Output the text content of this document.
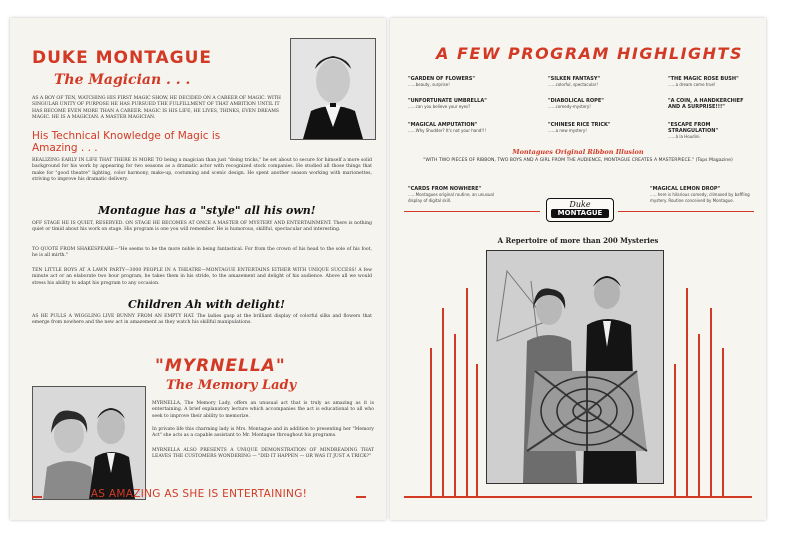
DUKE MONTAGUE
The Magician . . .
AS A BOY OF TEN, WATCHING HIS FIRST MAGIC SHOW, HE DECIDED ON A CAREER OF MAGIC. WITH SINGULAR UNITY OF PURPOSE HE HAS PURSUED THE FULFILLMENT OF THAT AMBITION UNTIL IT HAS BECOME EVEN MORE THAN A CAREER. MAGIC IS HIS LIFE, HE LIVES, THINKS, EVEN DREAMS MAGIC. HE IS A MAGICIAN. A MASTER MAGICIAN.
His Technical Knowledge of Magic is Amazing . . .
REALIZING EARLY IN LIFE THAT THERE IS MORE TO being a magician than just "doing tricks," he set about to secure for himself a more solid background for his work by appearing for two seasons as a dramatic actor with recognized stock companies. He studied all those things that make for "good theatre" lighting, color harmony, make-up, costuming and scenic design. He spent another season working with marionettes, striving to improve his dramatic delivery.
Montague has a "style" all his own!
OFF STAGE HE IS QUIET, RESERVED. ON STAGE HE BECOMES AT ONCE A MASTER OF MYSTERY AND ENTERTAINMENT. There is nothing quiet or timid about his work on stage. His program is one you will remember. He is humorous, skillful, spectacular and interesting.
TO QUOTE FROM SHAKESPEARE—"He seems to be the more noble in being fantastical. For from the crown of his head to the sole of his foot, he is all mirth."
TEN LITTLE BOYS AT A LAWN PARTY—3000 PEOPLE IN A THEATRE—MONTAGUE ENTERTAINS EITHER WITH UNIQUE SUCCESS! A few minute act or an elaborate two hour program, he takes them in his stride, to the amazement and delight of his audience. Above all we would stress his ability to adapt his program to any occasion.
Children Ah with delight!
AS HE PULLS A WIGGLING LIVE BUNNY FROM AN EMPTY HAT. The ladies gasp at the brilliant display of colorful silks and flowers that emerge from nowhere and the new act in amazement as they watch his skillful manipulations.
"MYRNELLA"
The Memory Lady
MYRNELLA, The Memory Lady, offers an unusual act that is truly as amazing as it is entertaining. A brief explanatory lecture which accompanies the act is educational to all who seek to improve their ability to memorize.
In private life this charming lady is Mrs. Montague and in addition to presenting her "Memory Act" she acts as a capable assistant to Mr. Montague throughout his programs.
MYRNELLA ALSO PRESENTS A UNIQUE DEMONSTRATION OF MINDREADING THAT LEAVES THE CUSTOMERS WONDERING — "DID IT HAPPEN — OR WAS IT JUST A TRICK?"
AS AMAZING AS SHE IS ENTERTAINING!
A FEW PROGRAM HIGHLIGHTS
"GARDEN OF FLOWERS"
......beauty, surprise!
"SILKEN FANTASY"
......colorful, spectacular!
"THE MAGIC ROSE BUSH"
......a dream come true!
"UNFORTUNATE UMBRELLA"
......can you believe your eyes?
"DIABOLICAL ROPE"
......comedy-mystery!
"A COIN, A HANDKERCHIEF AND A SURPRISE!!!"
"MAGICAL AMPUTATION"
......Why Shudder? It's not your hand!!!
"CHINESE RICE TRICK"
......a new mystery!
"ESCAPE FROM STRANGULATION"
......à la Houdini.
Montagues Original Ribbon Illusion
"WITH TWO PIECES OF RIBBON, TWO BOYS AND A GIRL FROM THE AUDIENCE, MONTAGUE CREATES A MASTERPIECE." (Tops Magazine)
"CARDS FROM NOWHERE"
......Montagues original routine, an unusual display of digital skill.	Duke
MONTAGUE
"MAGICAL LEMON DROP"
......here is hilarious comedy, climaxed by baffling mystery. Routine conceived by Montague.
A Repertoire of more than 200 Mysteries
